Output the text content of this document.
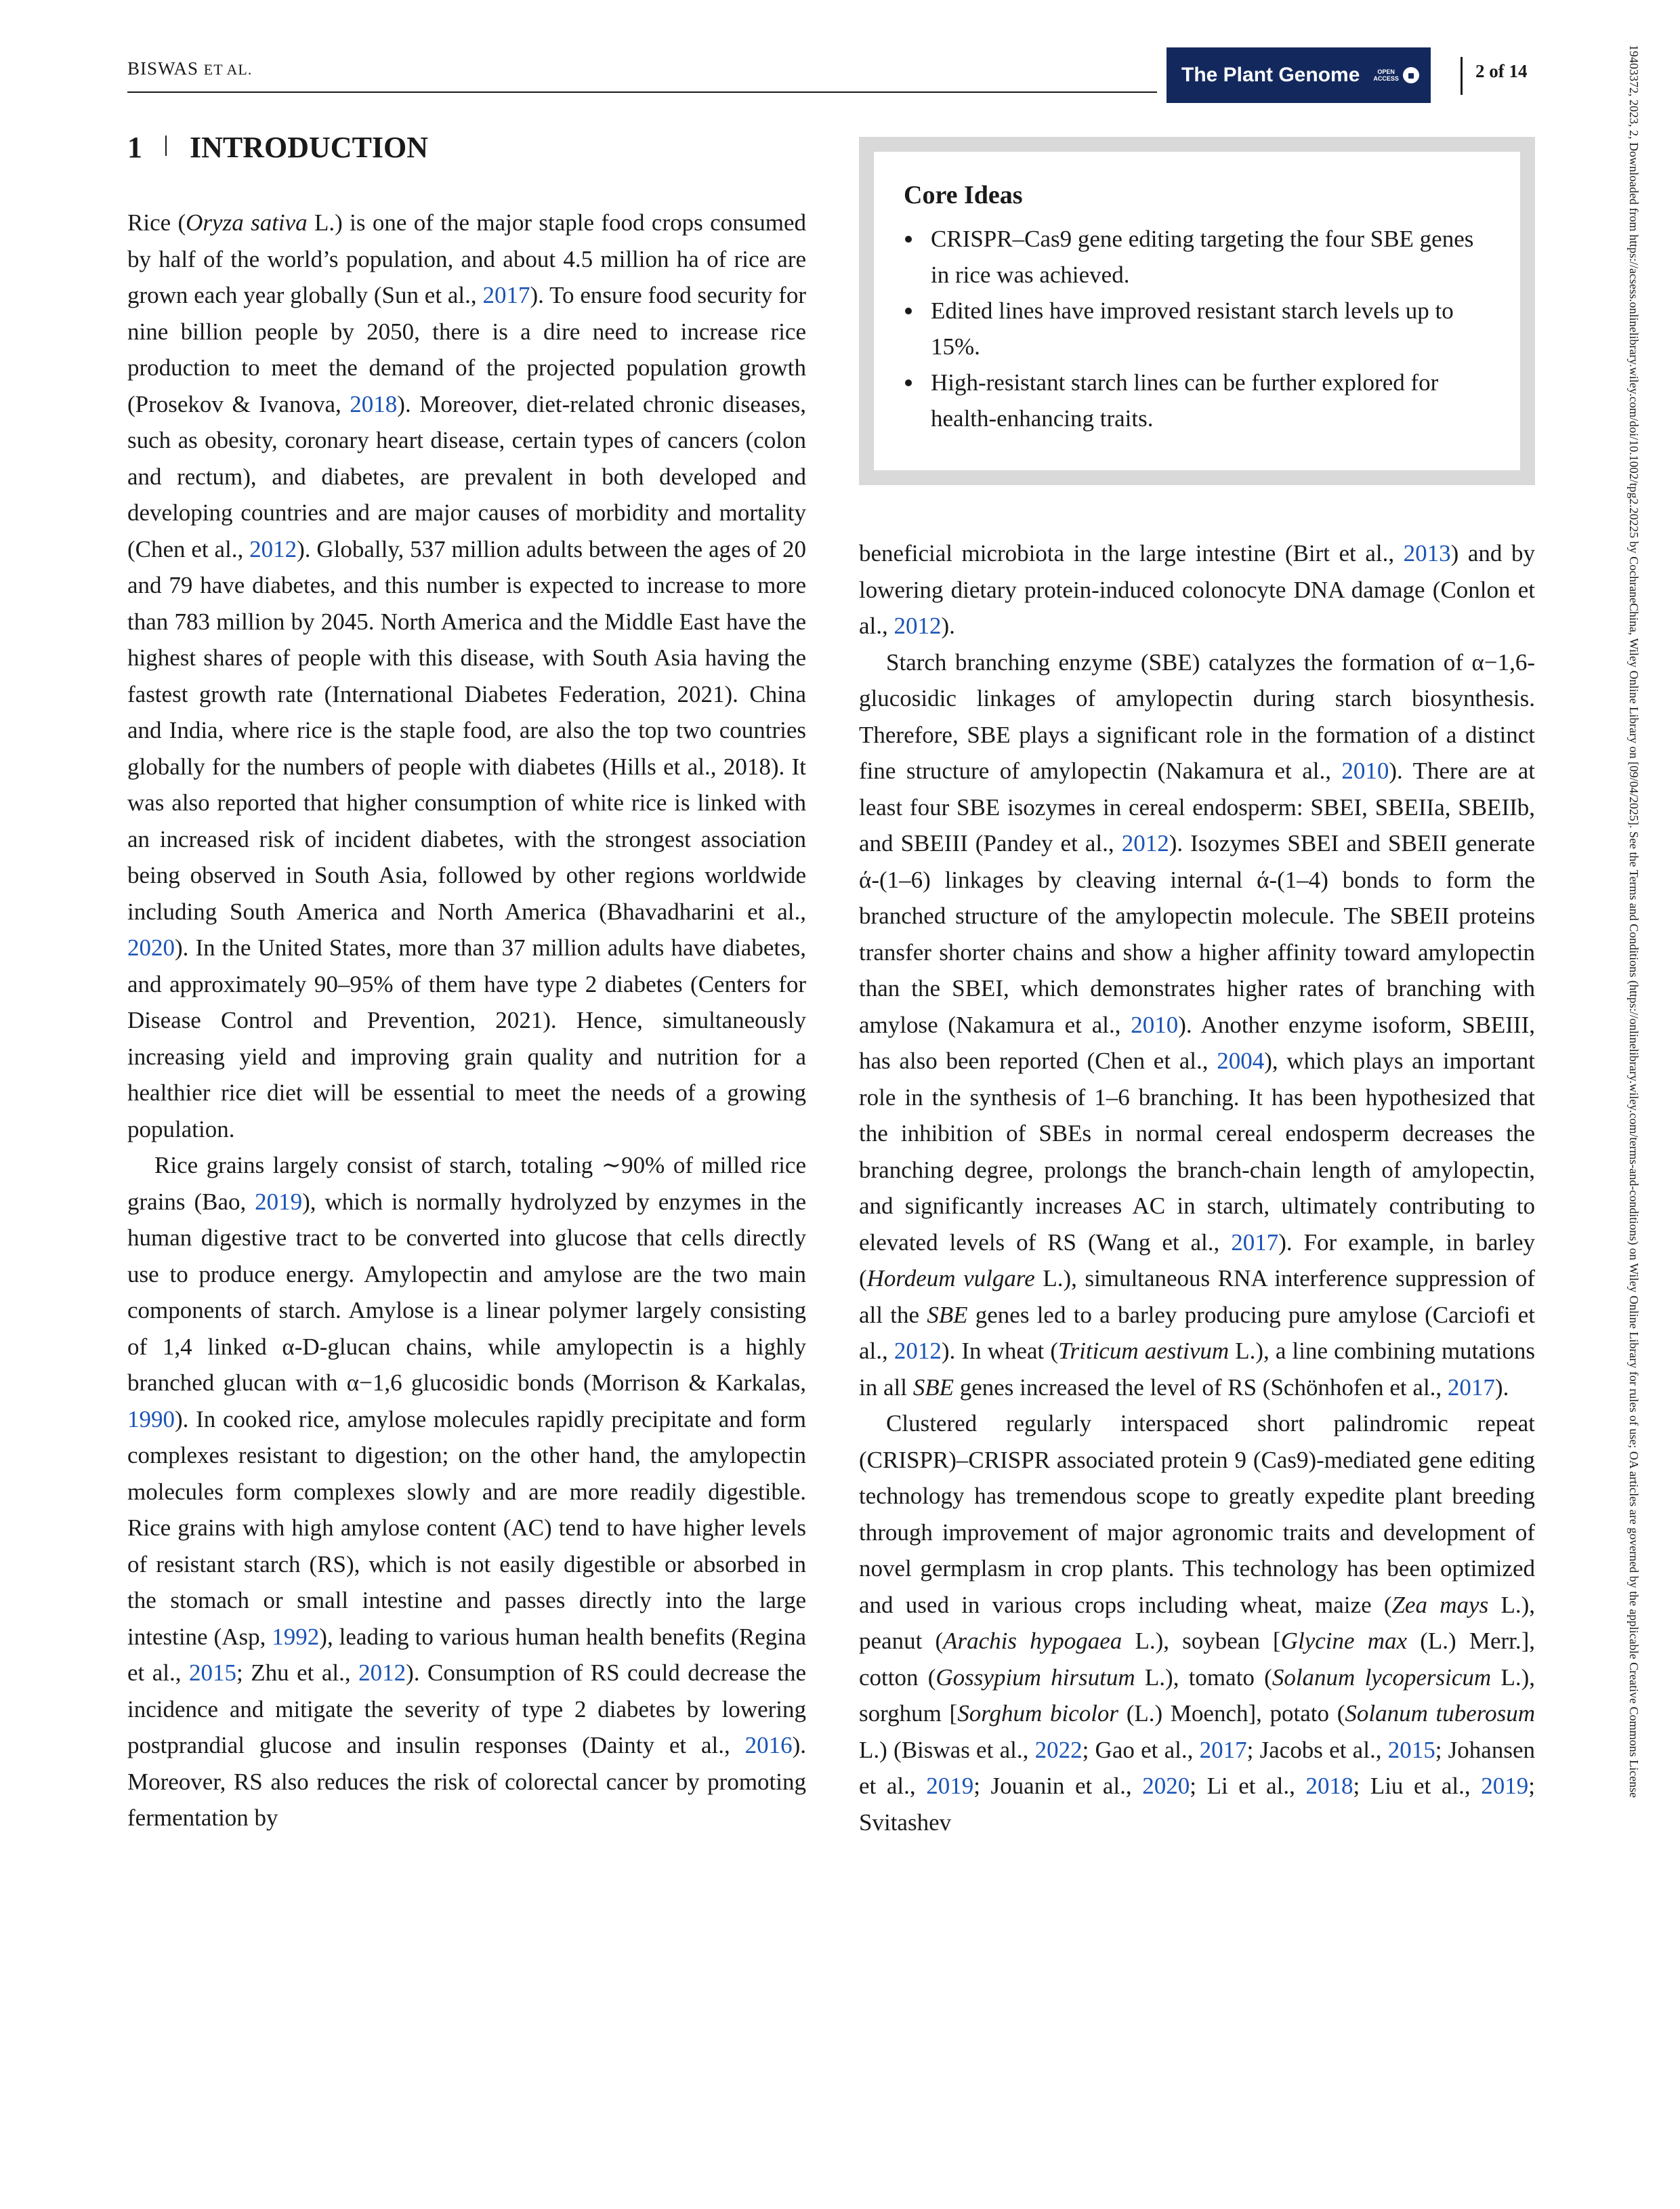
BISWAS ET AL.	The Plant Genome	OPEN
ACCESS	2 of 14	19403372, 2023, 2, Downloaded from https://acsess.onlinelibrary.wiley.com/doi/10.1002/tpg2.20225 by CochraneChina, Wiley Online Library on [09/04/2025]. See the Terms and Conditions (https://onlinelibrary.wiley.com/terms-and-conditions) on Wiley Online Library for rules of use; OA articles are governed by the applicable Creative Commons License
1 INTRODUCTION
Core Ideas
CRISPR–Cas9 gene editing targeting the four SBE genes in rice was achieved.
Edited lines have improved resistant starch levels up to 15%.
High-resistant starch lines can be further explored for health-enhancing traits.

Rice (Oryza sativa L.) is one of the major staple food crops consumed by half of the world’s population, and about 4.5 million ha of rice are grown each year globally (Sun et al., 2017). To ensure food security for nine billion people by 2050, there is a dire need to increase rice production to meet the demand of the projected population growth (Prosekov & Ivanova, 2018). Moreover, diet-related chronic diseases, such as obesity, coronary heart disease, certain types of cancers (colon and rectum), and diabetes, are prevalent in both developed and developing countries and are major causes of morbidity and mortality (Chen et al., 2012). Globally, 537 million adults between the ages of 20 and 79 have diabetes, and this number is expected to increase to more than 783 million by 2045. North America and the Middle East have the highest shares of people with this disease, with South Asia having the fastest growth rate (International Diabetes Federation, 2021). China and India, where rice is the staple food, are also the top two countries globally for the numbers of people with diabetes (Hills et al., 2018). It was also reported that higher consumption of white rice is linked with an increased risk of incident diabetes, with the strongest association being observed in South Asia, followed by other regions worldwide including South America and North America (Bhavadharini et al., 2020). In the United States, more than 37 million adults have diabetes, and approximately 90–95% of them have type 2 diabetes (Centers for Disease Control and Prevention, 2021). Hence, simultaneously increasing yield and improving grain quality and nutrition for a healthier rice diet will be essential to meet the needs of a growing population.

Rice grains largely consist of starch, totaling ∼90% of milled rice grains (Bao, 2019), which is normally hydrolyzed by enzymes in the human digestive tract to be converted into glucose that cells directly use to produce energy. Amylopectin and amylose are the two main components of starch. Amylose is a linear polymer largely consisting of 1,4 linked α-D-glucan chains, while amylopectin is a highly branched glucan with α−1,6 glucosidic bonds (Morrison & Karkalas, 1990). In cooked rice, amylose molecules rapidly precipitate and form complexes resistant to digestion; on the other hand, the amylopectin molecules form complexes slowly and are more readily digestible. Rice grains with high amylose content (AC) tend to have higher levels of resistant starch (RS), which is not easily digestible or absorbed in the stomach or small intestine and passes directly into the large intestine (Asp, 1992), leading to various human health benefits (Regina et al., 2015; Zhu et al., 2012). Consumption of RS could decrease the incidence and mitigate the severity of type 2 diabetes by lowering postprandial glucose and insulin responses (Dainty et al., 2016). Moreover, RS also reduces the risk of colorectal cancer by promoting fermentation by

beneficial microbiota in the large intestine (Birt et al., 2013) and by lowering dietary protein-induced colonocyte DNA damage (Conlon et al., 2012).

Starch branching enzyme (SBE) catalyzes the formation of α−1,6-glucosidic linkages of amylopectin during starch biosynthesis. Therefore, SBE plays a significant role in the formation of a distinct fine structure of amylopectin (Nakamura et al., 2010). There are at least four SBE isozymes in cereal endosperm: SBEI, SBEIIa, SBEIIb, and SBEIII (Pandey et al., 2012). Isozymes SBEI and SBEII generate ά-(1–6) linkages by cleaving internal ά-(1–4) bonds to form the branched structure of the amylopectin molecule. The SBEII proteins transfer shorter chains and show a higher affinity toward amylopectin than the SBEI, which demonstrates higher rates of branching with amylose (Nakamura et al., 2010). Another enzyme isoform, SBEIII, has also been reported (Chen et al., 2004), which plays an important role in the synthesis of 1–6 branching. It has been hypothesized that the inhibition of SBEs in normal cereal endosperm decreases the branching degree, prolongs the branch-chain length of amylopectin, and significantly increases AC in starch, ultimately contributing to elevated levels of RS (Wang et al., 2017). For example, in barley (Hordeum vulgare L.), simultaneous RNA interference suppression of all the SBE genes led to a barley producing pure amylose (Carciofi et al., 2012). In wheat (Triticum aestivum L.), a line combining mutations in all SBE genes increased the level of RS (Schönhofen et al., 2017).

Clustered regularly interspaced short palindromic repeat (CRISPR)–CRISPR associated protein 9 (Cas9)-mediated gene editing technology has tremendous scope to greatly expedite plant breeding through improvement of major agronomic traits and development of novel germplasm in crop plants. This technology has been optimized and used in various crops including wheat, maize (Zea mays L.), peanut (Arachis hypogaea L.), soybean [Glycine max (L.) Merr.], cotton (Gossypium hirsutum L.), tomato (Solanum lycopersicum L.), sorghum [Sorghum bicolor (L.) Moench], potato (Solanum tuberosum L.) (Biswas et al., 2022; Gao et al., 2017; Jacobs et al., 2015; Johansen et al., 2019; Jouanin et al., 2020; Li et al., 2018; Liu et al., 2019; Svitashev
